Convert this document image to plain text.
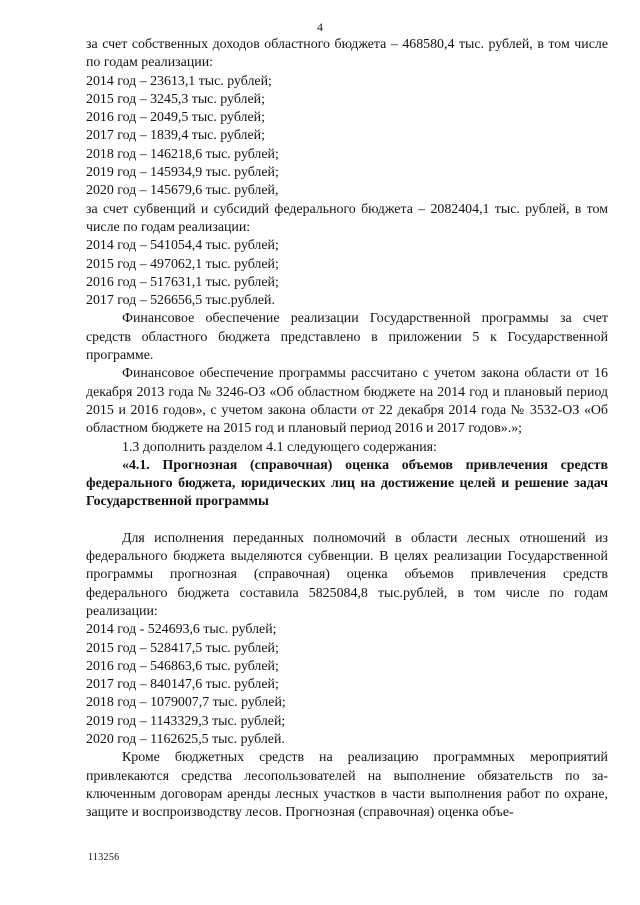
4

за счет собственных доходов областного бюджета – 468580,4 тыс. рублей, в том числе по годам реализации:

2014 год – 23613,1 тыс. рублей;

2015 год – 3245,3 тыс. рублей;

2016 год – 2049,5 тыс. рублей;

2017 год – 1839,4 тыс. рублей;

2018 год – 146218,6 тыс. рублей;

2019 год – 145934,9 тыс. рублей;

2020 год – 145679,6 тыс. рублей,

за счет субвенций и субсидий федерального бюджета – 2082404,1 тыс. рублей, в том числе по годам реализации:

2014 год – 541054,4 тыс. рублей;

2015 год – 497062,1 тыс. рублей;

2016 год – 517631,1 тыс. рублей;

2017 год – 526656,5 тыс.рублей.

Финансовое обеспечение реализации Государственной программы за счет средств областного бюджета представлено в приложении 5 к Государственной программе.

Финансовое обеспечение программы рассчитано с учетом закона области от 16 декабря 2013 года № 3246-ОЗ «Об областном бюджете на 2014 год и плановый период 2015 и 2016 годов», с учетом закона области от 22 декабря 2014 года № 3532-ОЗ «Об областном бюджете на 2015 год и плановый период 2016 и 2017 годов».»;

1.3 дополнить разделом 4.1 следующего содержания:

«4.1. Прогнозная (справочная) оценка объемов привлечения средств федерального бюджета, юридических лиц на достижение целей и решение задач Государственной программы

Для исполнения переданных полномочий в области лесных отношений из федерального бюджета выделяются субвенции. В целях реализации Государственной программы прогнозная (справочная) оценка объемов привлечения средств федерального бюджета составила 5825084,8 тыс.рублей, в том числе по годам реализации:

2014 год - 524693,6 тыс. рублей;

2015 год – 528417,5 тыс. рублей;

2016 год – 546863,6 тыс. рублей;

2017 год – 840147,6 тыс. рублей;

2018 год – 1079007,7 тыс. рублей;

2019 год – 1143329,3 тыс. рублей;

2020 год – 1162625,5 тыс. рублей.

Кроме бюджетных средств на реализацию программных мероприятий привлекаются средства лесопользователей на выполнение обязательств по заключенным договорам аренды лесных участков в части выполнения работ по охране, защите и воспроизводству лесов. Прогнозная (справочная) оценка объе-

113256
